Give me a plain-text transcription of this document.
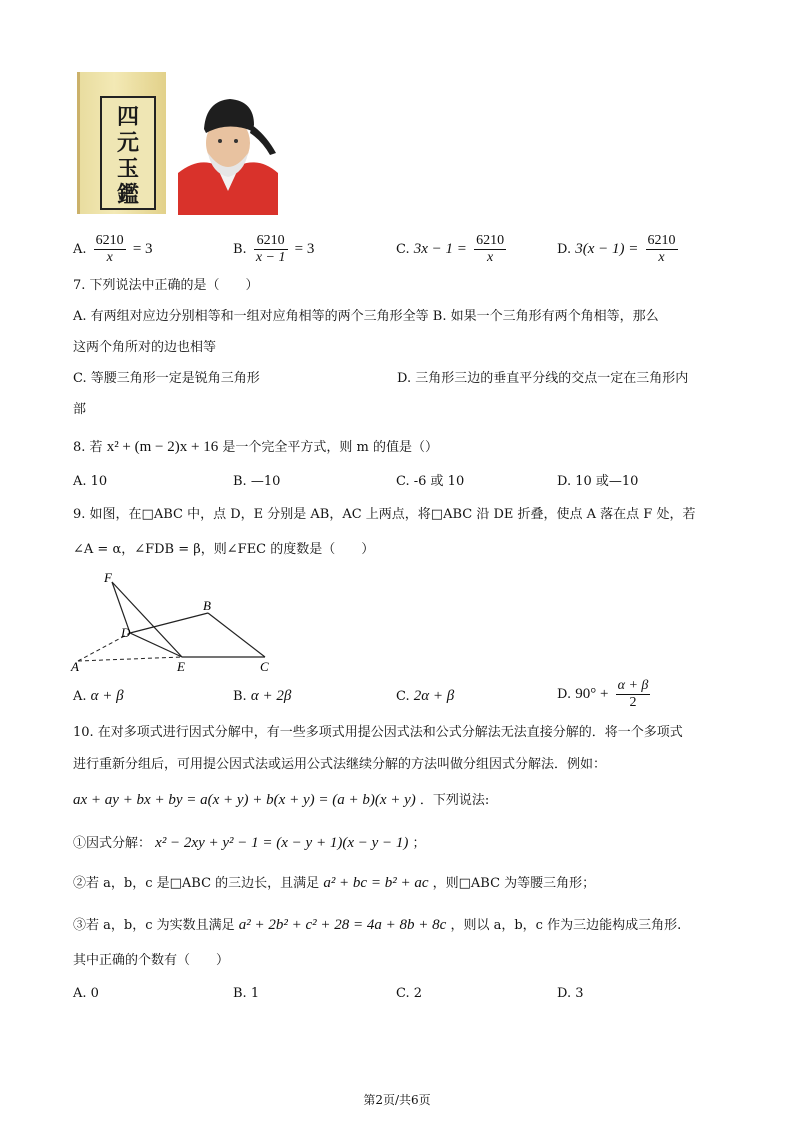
四
元
玉
鑑
A. $\frac{6210}{x} = 3$	B. $\frac{6210}{x - 1} = 3$	C. $3x - 1 = \frac{6210}{x}$	D. $3(x - 1) = \frac{6210}{x}$
7. 下列说法中正确的是（　　）
A. 有两组对应边分别相等和一组对应角相等的两个三角形全等 B. 如果一个三角形有两个角相等，那么
这两个角所对的边也相等
C. 等腰三角形一定是锐角三角形	D. 三角形三边的垂直平分线的交点一定在三角形内
部
8. 若 x² + (m − 2)x + 16 是一个完全平方式，则 m 的值是（）
A. 10	B. —10	C. -6 或 10	D. 10 或—10
9. 如图，在□ABC 中，点 D，E 分别是 AB，AC 上两点，将□ABC 沿 DE 折叠，使点 A 落在点 F 处，若
∠A = α，∠FDB = β，则∠FEC 的度数是（　　）
F
B
D
A	E	C
A. α + β	B. α + 2β	C. 2α + β	D. $90^\circ + \frac{\alpha + \beta}{2}$
10. 在对多项式进行因式分解中，有一些多项式用提公因式法和公式分解法无法直接分解的．将一个多项式
进行重新分组后，可用提公因式法或运用公式法继续分解的方法叫做分组因式分解法．例如：
ax + ay + bx + by = a(x + y) + b(x + y) = (a + b)(x + y) ．下列说法:
①因式分解： x² − 2xy + y² − 1 = (x − y + 1)(x − y − 1) ；
②若 a，b，c 是□ABC 的三边长，且满足 a² + bc = b² + ac ，则□ABC 为等腰三角形；
③若 a，b，c 为实数且满足 a² + 2b² + c² + 28 = 4a + 8b + 8c ，则以 a，b，c 作为三边能构成三角形.
其中正确的个数有（　　）
A. 0	B. 1	C. 2	D. 3
第2页/共6页
